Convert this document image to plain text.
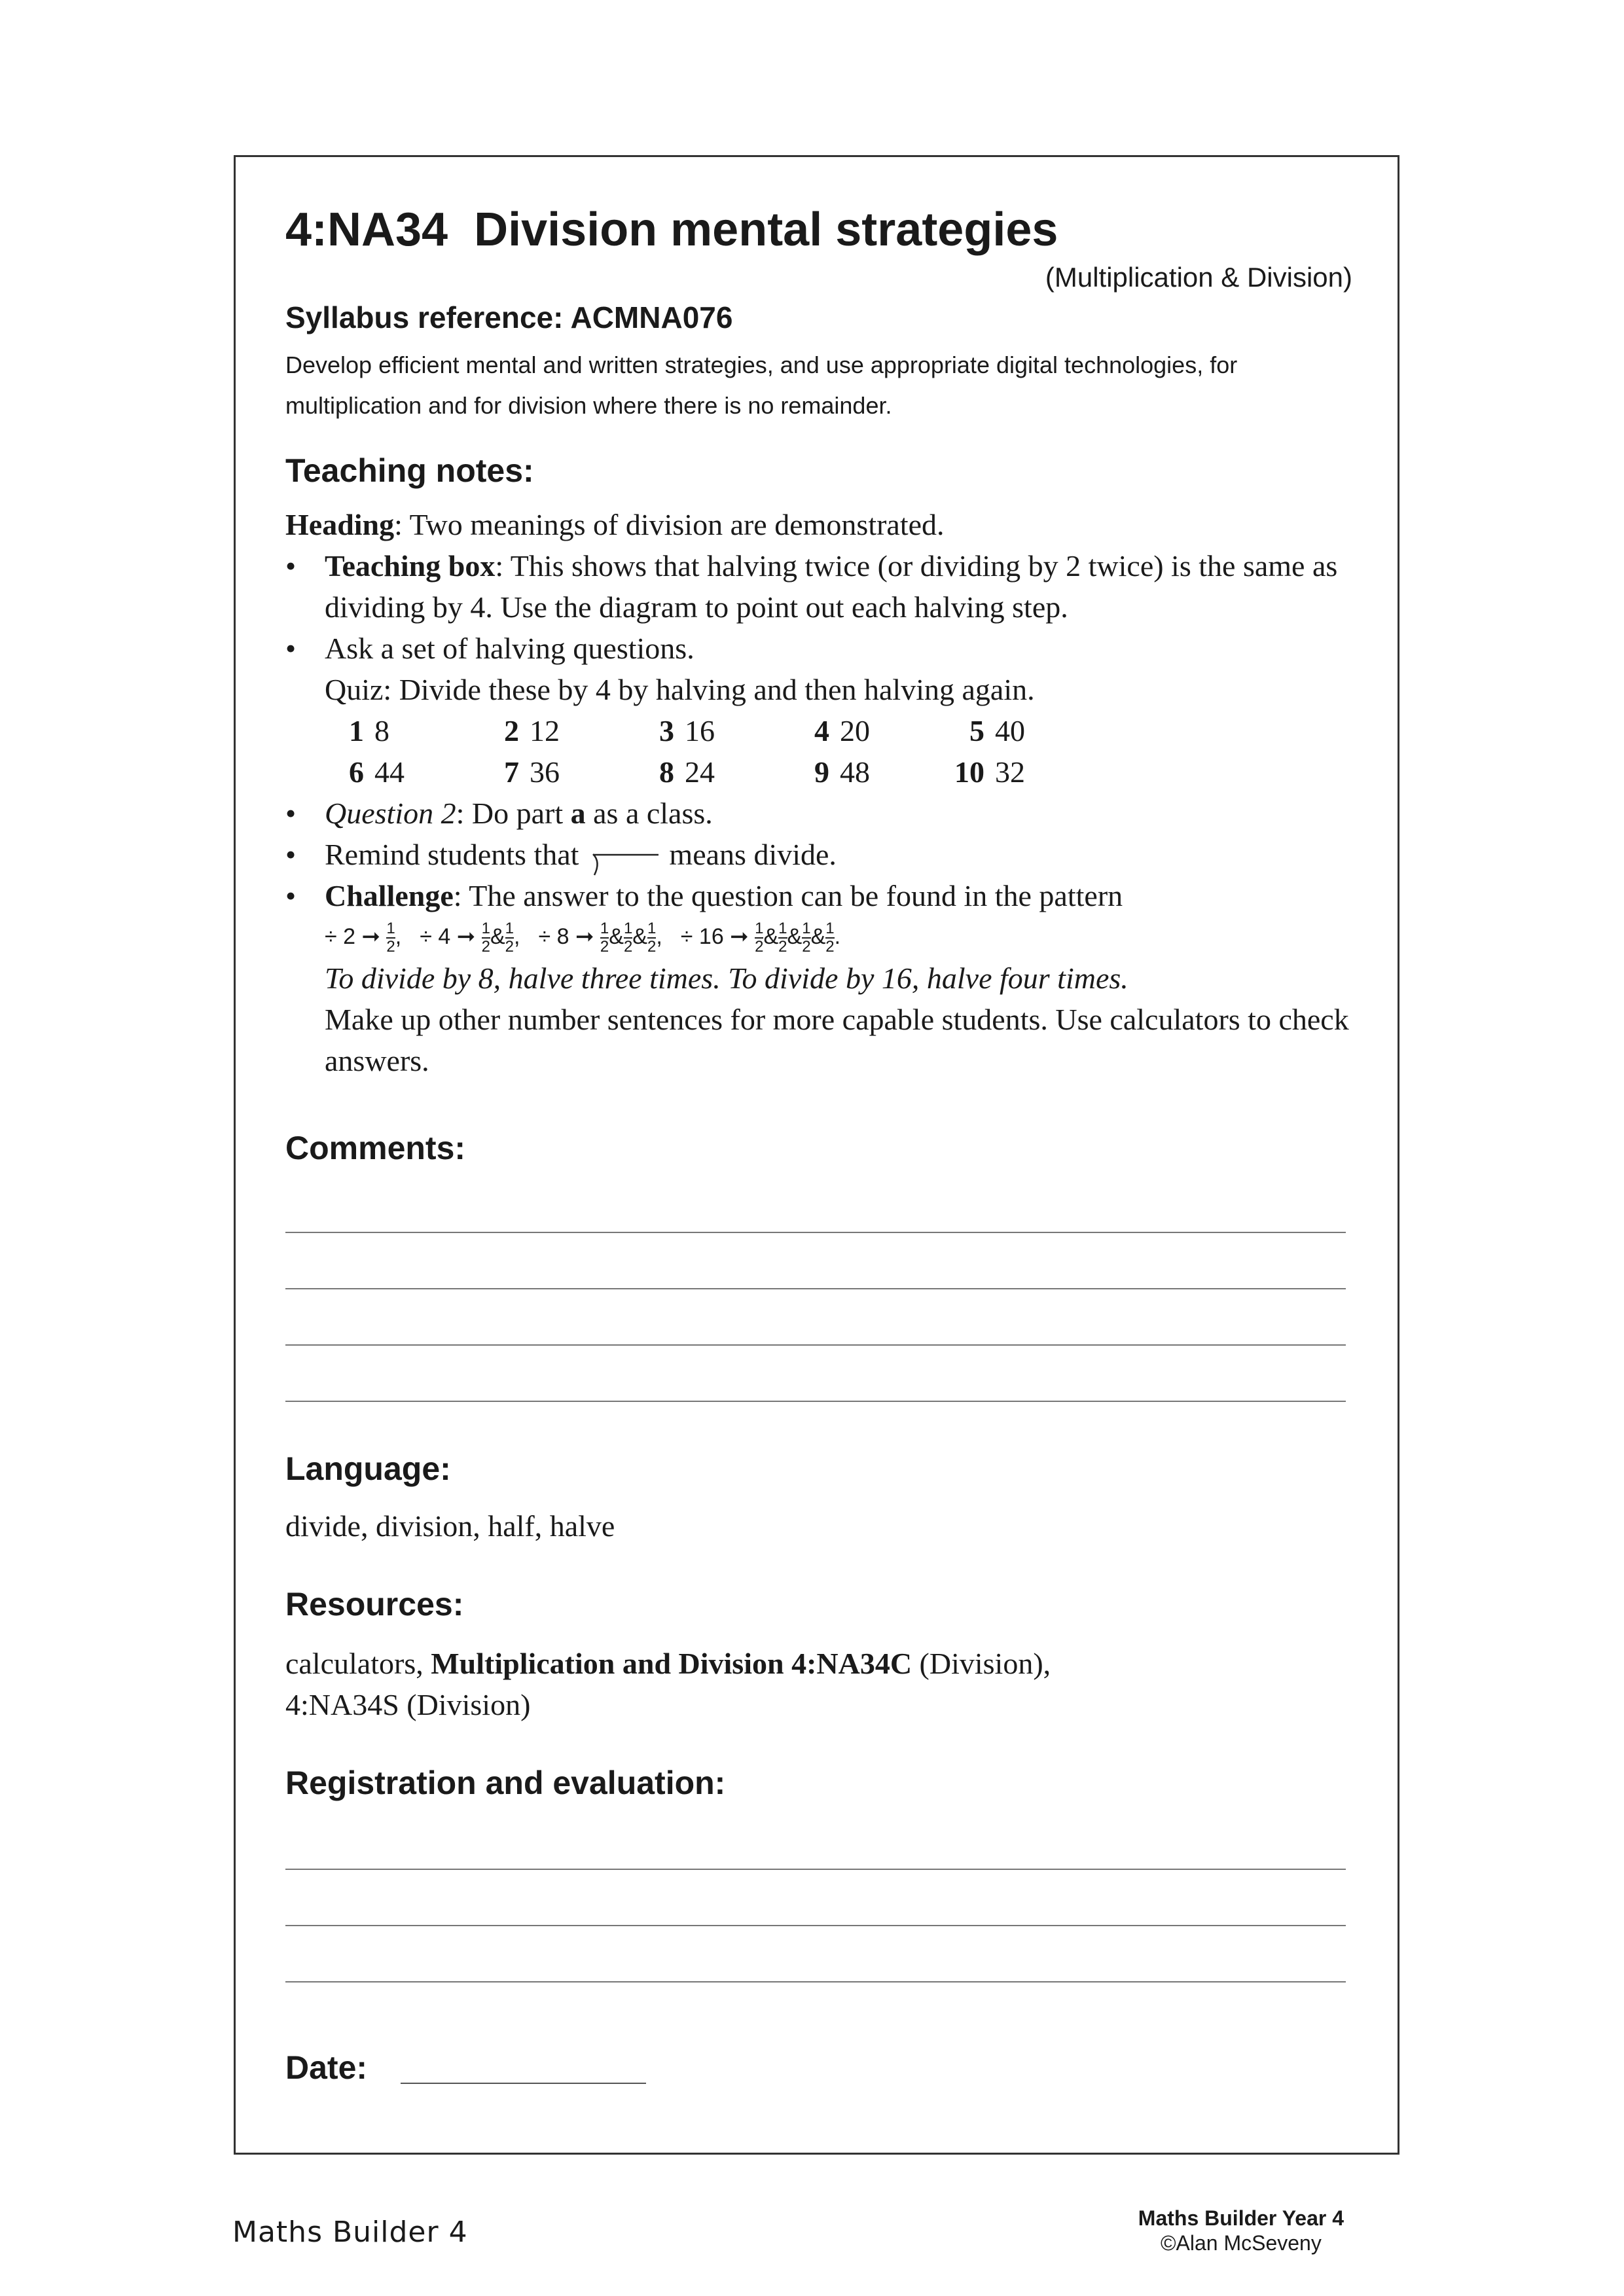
4:NA34  Division mental strategies
(Multiplication & Division)
Syllabus reference: ACMNA076
Develop efficient mental and written strategies, and use appropriate digital technologies, for multiplication and for division where there is no remainder.
Teaching notes:

Heading: Two meanings of division are demonstrated.

• Teaching box: This shows that halving twice (or dividing by 2 twice) is the same as dividing by 4. Use the diagram to point out each halving step.

• Ask a set of halving questions.

Quiz: Divide these by 4 by halving and then halving again.

1 8	2 12	3 16	4 20	5 40
6 44	7 36	8 24	9 48	10 32

• Question 2: Do part a as a class.

• Remind students that	means divide.

• Challenge: The answer to the question can be found in the pattern

÷ 2 ➞ $\frac{1}{2}$ , ÷ 4 ➞ $\frac{1}{2}$ & $\frac{1}{2}$ , ÷ 8 ➞ $\frac{1}{2}$ & $\frac{1}{2}$ & $\frac{1}{2}$ , ÷ 16 ➞ $\frac{1}{2}$ & $\frac{1}{2}$ & $\frac{1}{2}$ & $\frac{1}{2}$ .

To divide by 8, halve three times. To divide by 16, halve four times.

Make up other number sentences for more capable students. Use calculators to check answers.

Comments:
Language:
divide, division, half, halve
Resources:
calculators, Multiplication and Division 4:NA34C (Division),
4:NA34S (Division)
Registration and evaluation:
Date:
Maths Builder 4	Maths Builder Year 4
©Alan McSeveny
